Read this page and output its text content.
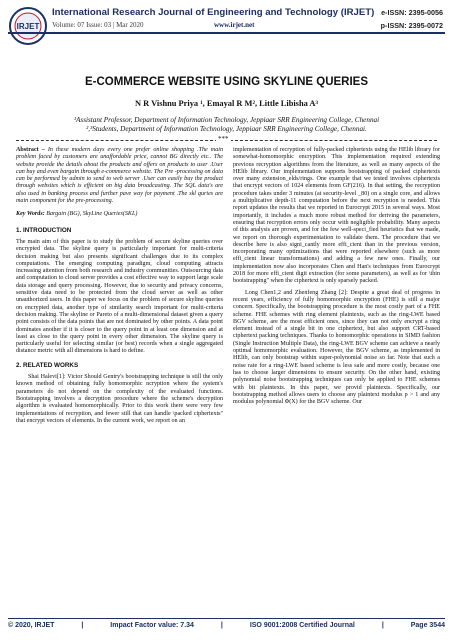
IRJET
International Research Journal of Engineering and Technology (IRJET)
Volume: 07 Issue: 03 | Mar 2020	www.irjet.net
e-ISSN: 2395-0056
p-ISSN: 2395-0072
E-COMMERCE WEBSITE USING SKYLINE QUERIES
N R Vishnu Priya ¹, Emayal R M², Little Libisha A³
¹Assistant Professor, Department of Information Technology, Jeppiaar SRR Engineering College, Chennai
²,³Students, Department of Information Technology, Jeppiaar SRR Engineering College, Chennai.
***

Abstract – In these modern days every one prefer online shopping .The main problem faced by customers are unaffordable price, cannot BG directly etc.. The website provide the details about the products and offers on products to user .User can buy and even bargain through e-commerce website. The Pre -processing on data can be performed by admin to send to web server .User can easily buy the product through websites which is efficient on big data broadcasting. The SQL data's are also used in banking process and further pave way for payment .The skl quries are main component for the pre-processing.

Key Words: Bargain (BG), SkyLine Queries(SKL)

1. INTRODUCTION

The main aim of this paper is to study the problem of secure skyline queries over encrypted data. The skyline query is particularly important for multi-criteria decision making but also presents significant challenges due to its complex computations. The emerging computing paradigm, cloud computing attracts increasing attention from both research and industry communities. Outsourcing data and computation to cloud server provides a cost effective way to support large scale data storage and query processing. However, due to security and privacy concerns, sensitive data need to be protected from the cloud server as well as other unauthorized users. In this paper we focus on the problem of secure skyline queries on encrypted data, another type of similarity search important for multi-criteria decision making. The skyline or Pareto of a multi-dimensional dataset given a query point consists of the data points that are not dominated by other points. A data point dominates another if it is closer to the query point in at least one dimension and at least as close to the query point in every other dimension. The skyline query is particularly useful for selecting similar (or best) records when a single aggregated distance metric with all dimensions is hard to define.

2. RELATED WORKS

Shai Halevi[1]: Victor Should Gentry's bootstrapping technique is still the only known method of obtaining fully homomorphic ncryption where the system's parameters do not depend on the complexity of the evaluated functions. Bootstrapping involves a decryption procedure where the scheme's decryption algorithm is evaluated homomorphically. Prior to this work there were very few implementations of recryption, and fewer still that can handle \packed ciphertexts" that encrypt vectors of elements. In the current work, we report on an

implementation of recryption of fully-packed ciphertexts using the HElib library for somewhat-homomorphic encryption. This implementation required extending previous recryption algorithms from the literature, as well as many aspects of the HElib library. Our implementation supports bootstrapping of packed ciphertexts over many extension_elds/rings. One example that we tested involves ciphertexts that encrypt vectors of 1024 elements from GF(216). In that setting, the recryption procedure takes under 3 minutes (at security-level _80) on a single core, and allows a multiplicative depth-11 computation before the next recryption is needed. This report updates the results that we reported in Eurocrypt 2015 in several ways. Most importantly, it includes a much more robust method for deriving the parameters, ensuring that recryption errors only occur with negligible probability. Many aspects of this analysis are proven, and for the few well-speci_fied heuristics that we made, we report on thorough experimentation to validate them. The procedure that we describe here is also signi_cantly more effi_cient than in the previous version, incorporating many optimizations that were reported elsewhere (such as more effi_cient linear transformations) and adding a few new ones. Finally, our implementation now also incorporates Chen and Han's techniques from Eurocrypt 2018 for more effi_cient digit extraction (for some parameters), as well as for \thin bootstrapping" when the ciphertext is only sparsely packed.

Long Chen1,2 and Zhenfeng Zhang [2]: Despite a great deal of progress in recent years, efficiency of fully homomorphic encryption (FHE) is still a major concern. Specifically, the bootstrapping procedure is the most costly part of a FHE scheme. FHE schemes with ring element plaintexts, such as the ring-LWE based BGV scheme, are the most efficient ones, since they can not only encrypt a ring element instead of a single bit in one ciphertext, but also support CRT-based ciphertext packing techniques. Thanks to homomorphic operations in SIMD fashion (Single Instruction Multiple Data), the ring-LWE BGV scheme can achieve a nearly optimal homomorphic evaluation. However, the BGV scheme, as implemented in HElib, can only bootstrap within super-polynomial noise so far. Note that such a noise rate for a ring-LWE based scheme is less safe and more costly, because one has to choose larger dimensions to ensure security. On the other hand, existing polynomial noise bootstrapping techniques can only be applied to FHE schemes with bit plaintexts. In this paper, we provid plaintexts. Specifically, our bootstrapping method allows users to choose any plaintext modulus p > 1 and any modulus polynomial Φ(X) for the BGV scheme. Our

© 2020, IRJET	|	Impact Factor value: 7.34	|	ISO 9001:2008 Certified Journal	|	Page 3544
